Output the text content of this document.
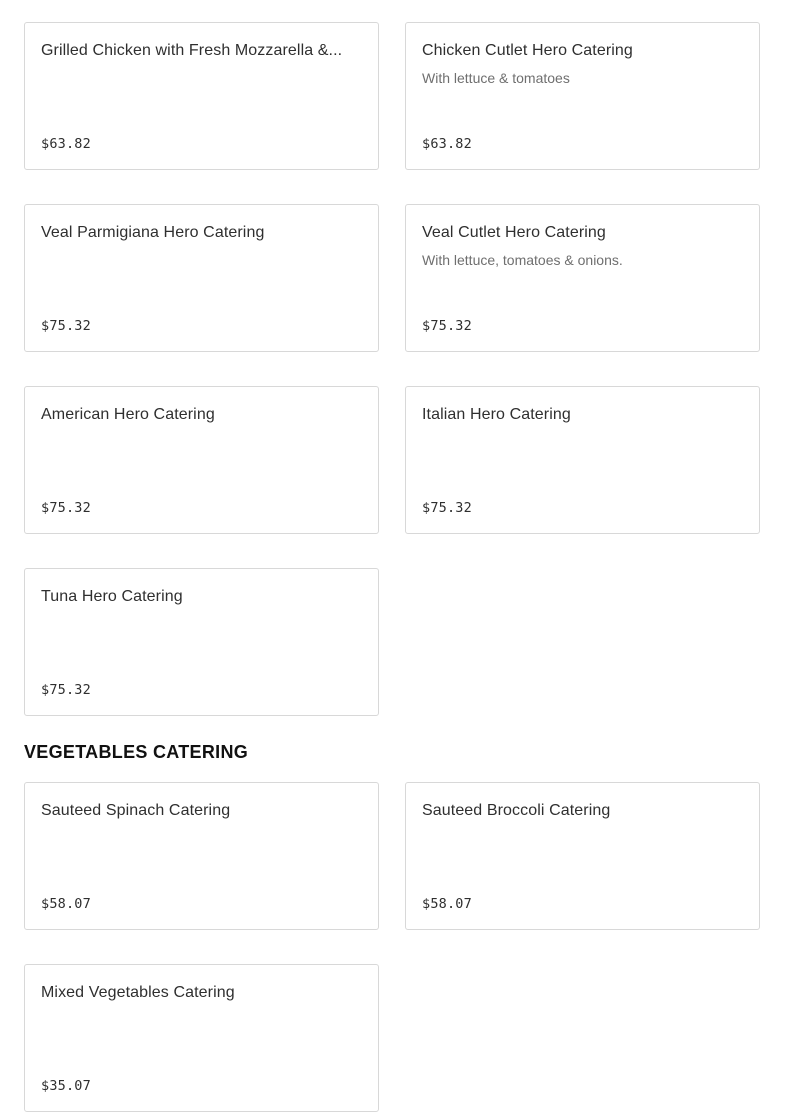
Grilled Chicken with Fresh Mozzarella &...
$63.82
Chicken Cutlet Hero Catering
With lettuce & tomatoes
$63.82
Veal Parmigiana Hero Catering
$75.32
Veal Cutlet Hero Catering
With lettuce, tomatoes & onions.
$75.32
American Hero Catering
$75.32
Italian Hero Catering
$75.32
Tuna Hero Catering
$75.32
VEGETABLES CATERING
Sauteed Spinach Catering
$58.07
Sauteed Broccoli Catering
$58.07
Mixed Vegetables Catering
$35.07
